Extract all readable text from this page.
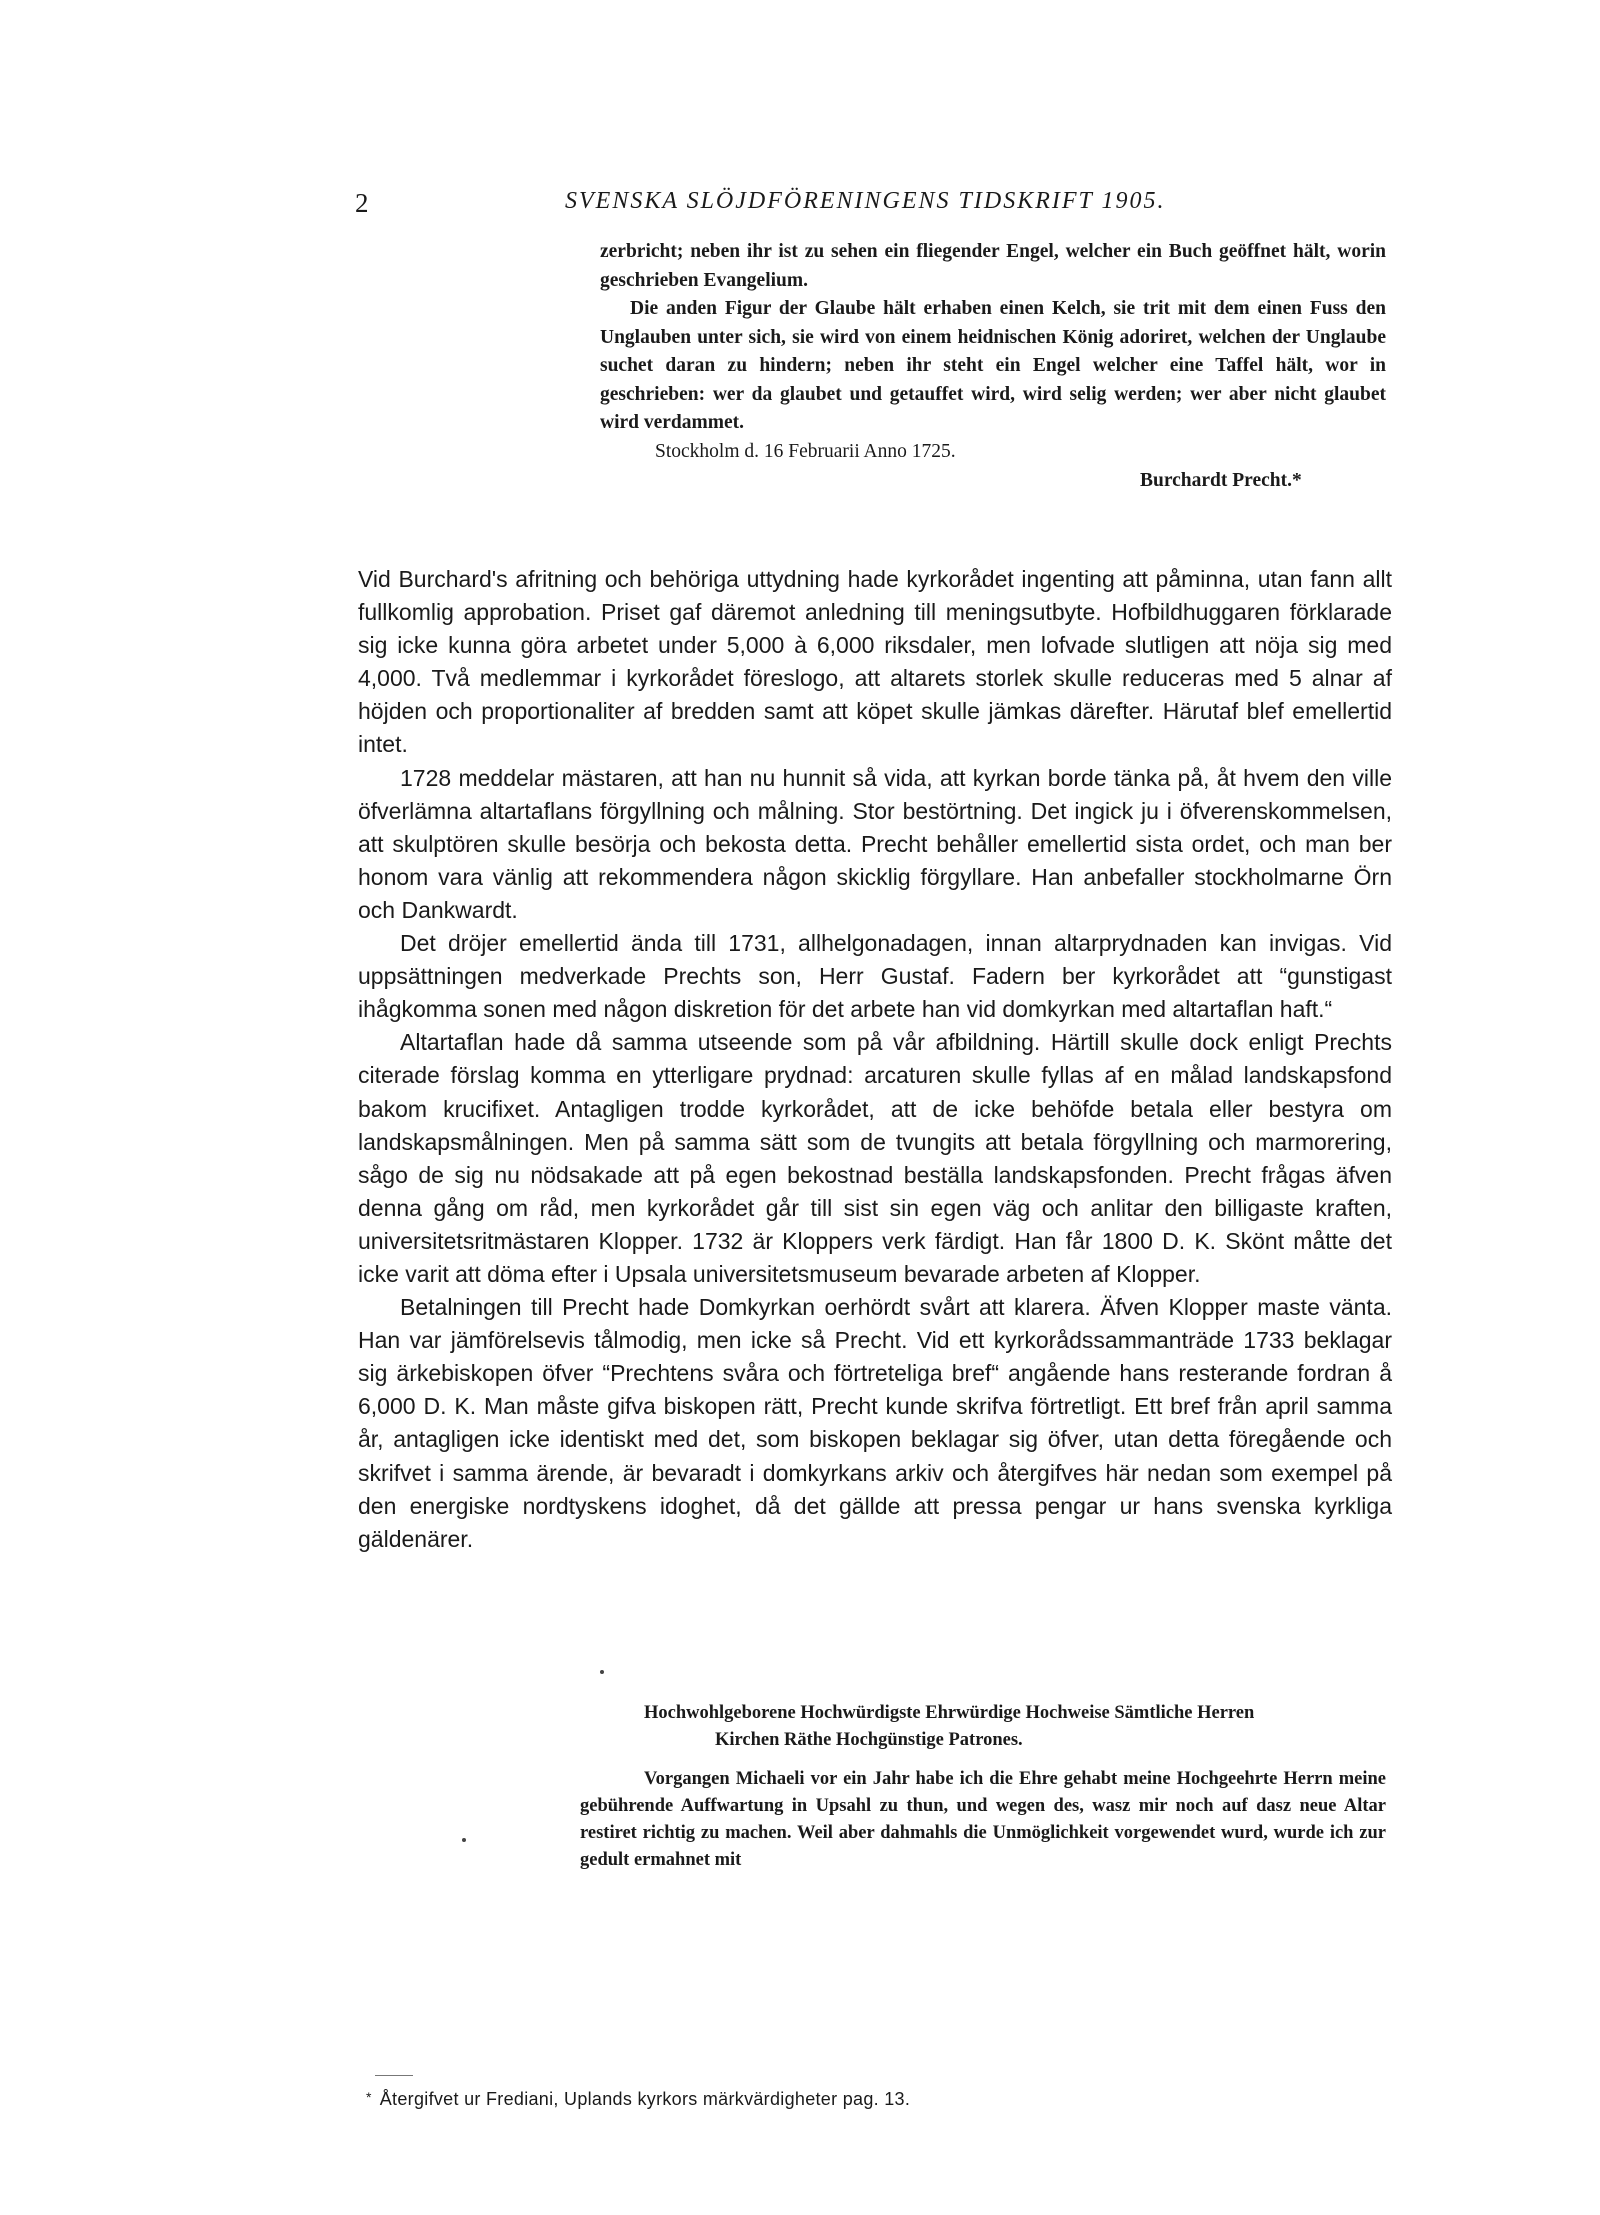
2	SVENSKA SLÖJDFÖRENINGENS TIDSKRIFT 1905.

zerbricht; neben ihr ist zu sehen ein fliegender Engel, welcher ein Buch geöffnet hält, worin geschrieben Evangelium.

Die anden Figur der Glaube hält erhaben einen Kelch, sie trit mit dem einen Fuss den Unglauben unter sich, sie wird von einem heidnischen König adoriret, welchen der Unglaube suchet daran zu hindern; neben ihr steht ein Engel welcher eine Taffel hält, wor in geschrieben: wer da glaubet und getauffet wird, wird selig werden; wer aber nicht glaubet wird verdammet.

Stockholm d. 16 Februarii Anno 1725.

Burchardt Precht.*

Vid Burchard's afritning och behöriga uttydning hade kyrkorådet ingenting att påminna, utan fann allt fullkomlig approbation. Priset gaf däremot anledning till meningsutbyte. Hofbildhuggaren förklarade sig icke kunna göra arbetet under 5,000 à 6,000 riksdaler, men lofvade slutligen att nöja sig med 4,000. Två medlemmar i kyrkorådet föreslogo, att altarets storlek skulle reduceras med 5 alnar af höjden och proportionaliter af bredden samt att köpet skulle jämkas därefter. Härutaf blef emellertid intet.

1728 meddelar mästaren, att han nu hunnit så vida, att kyrkan borde tänka på, åt hvem den ville öfverlämna altartaflans förgyllning och målning. Stor bestörtning. Det ingick ju i öfverenskommelsen, att skulptören skulle besörja och bekosta detta. Precht behåller emellertid sista ordet, och man ber honom vara vänlig att rekommendera någon skicklig förgyllare. Han anbefaller stockholmarne Örn och Dankwardt.

Det dröjer emellertid ända till 1731, allhelgonadagen, innan altarprydnaden kan invigas. Vid uppsättningen medverkade Prechts son, Herr Gustaf. Fadern ber kyrkorådet att “gunstigast ihågkomma sonen med någon diskretion för det arbete han vid domkyrkan med altartaflan haft.“

Altartaflan hade då samma utseende som på vår afbildning. Härtill skulle dock enligt Prechts citerade förslag komma en ytterligare prydnad: arcaturen skulle fyllas af en målad landskapsfond bakom krucifixet. Antagligen trodde kyrkorådet, att de icke behöfde betala eller bestyra om landskapsmålningen. Men på samma sätt som de tvungits att betala förgyllning och marmorering, sågo de sig nu nödsakade att på egen bekostnad beställa landskapsfonden. Precht frågas äfven denna gång om råd, men kyrkorådet går till sist sin egen väg och anlitar den billigaste kraften, universitetsritmästaren Klopper. 1732 är Kloppers verk färdigt. Han får 1800 D. K. Skönt måtte det icke varit att döma efter i Upsala universitetsmuseum bevarade arbeten af Klopper.

Betalningen till Precht hade Domkyrkan oerhördt svårt att klarera. Äfven Klopper maste vänta. Han var jämförelsevis tålmodig, men icke så Precht. Vid ett kyrkorådssammanträde 1733 beklagar sig ärkebiskopen öfver “Prechtens svåra och förtreteliga bref“ angående hans resterande fordran å 6,000 D. K. Man måste gifva biskopen rätt, Precht kunde skrifva förtretligt. Ett bref från april samma år, antagligen icke identiskt med det, som biskopen beklagar sig öfver, utan detta föregående och skrifvet i samma ärende, är bevaradt i domkyrkans arkiv och återgifves här nedan som exempel på den energiske nordtyskens idoghet, då det gällde att pressa pengar ur hans svenska kyrkliga gäldenärer.

Hochwohlgeborene Hochwürdigste Ehrwürdige Hochweise Sämtliche Herren

Kirchen Räthe Hochgünstige Patrones.

Vorgangen Michaeli vor ein Jahr habe ich die Ehre gehabt meine Hochgeehrte Herrn meine gebührende Auffwartung in Upsahl zu thun, und wegen des, wasz mir noch auf dasz neue Altar restiret richtig zu machen. Weil aber dahmahls die Unmöglichkeit vorgewendet wurd, wurde ich zur gedult ermahnet mit

* Återgifvet ur Frediani, Uplands kyrkors märkvärdigheter pag. 13.
